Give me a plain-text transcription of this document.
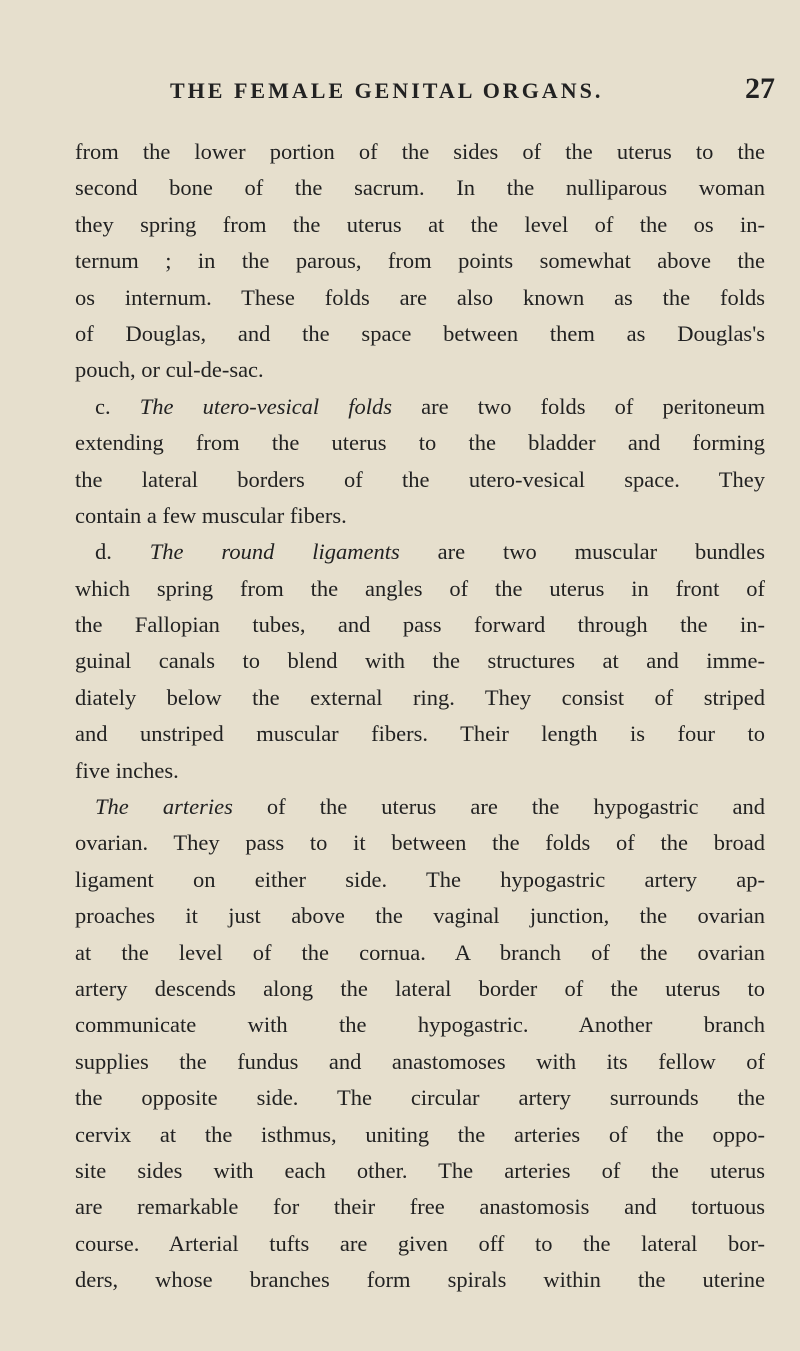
THE FEMALE GENITAL ORGANS.	27
from the lower portion of the sides of the uterus to the
second bone of the sacrum. In the nulliparous woman
they spring from the uterus at the level of the os in-
ternum ; in the parous, from points somewhat above the
os internum. These folds are also known as the folds
of Douglas, and the space between them as Douglas's
pouch, or cul-de-sac.
c. The utero-vesical folds are two folds of peritoneum
extending from the uterus to the bladder and forming
the lateral borders of the utero-vesical space. They
contain a few muscular fibers.
d. The round ligaments are two muscular bundles
which spring from the angles of the uterus in front of
the Fallopian tubes, and pass forward through the in-
guinal canals to blend with the structures at and imme-
diately below the external ring. They consist of striped
and unstriped muscular fibers. Their length is four to
five inches.
The arteries of the uterus are the hypogastric and
ovarian. They pass to it between the folds of the broad
ligament on either side. The hypogastric artery ap-
proaches it just above the vaginal junction, the ovarian
at the level of the cornua. A branch of the ovarian
artery descends along the lateral border of the uterus to
communicate with the hypogastric. Another branch
supplies the fundus and anastomoses with its fellow of
the opposite side. The circular artery surrounds the
cervix at the isthmus, uniting the arteries of the oppo-
site sides with each other. The arteries of the uterus
are remarkable for their free anastomosis and tortuous
course. Arterial tufts are given off to the lateral bor-
ders, whose branches form spirals within the uterine
